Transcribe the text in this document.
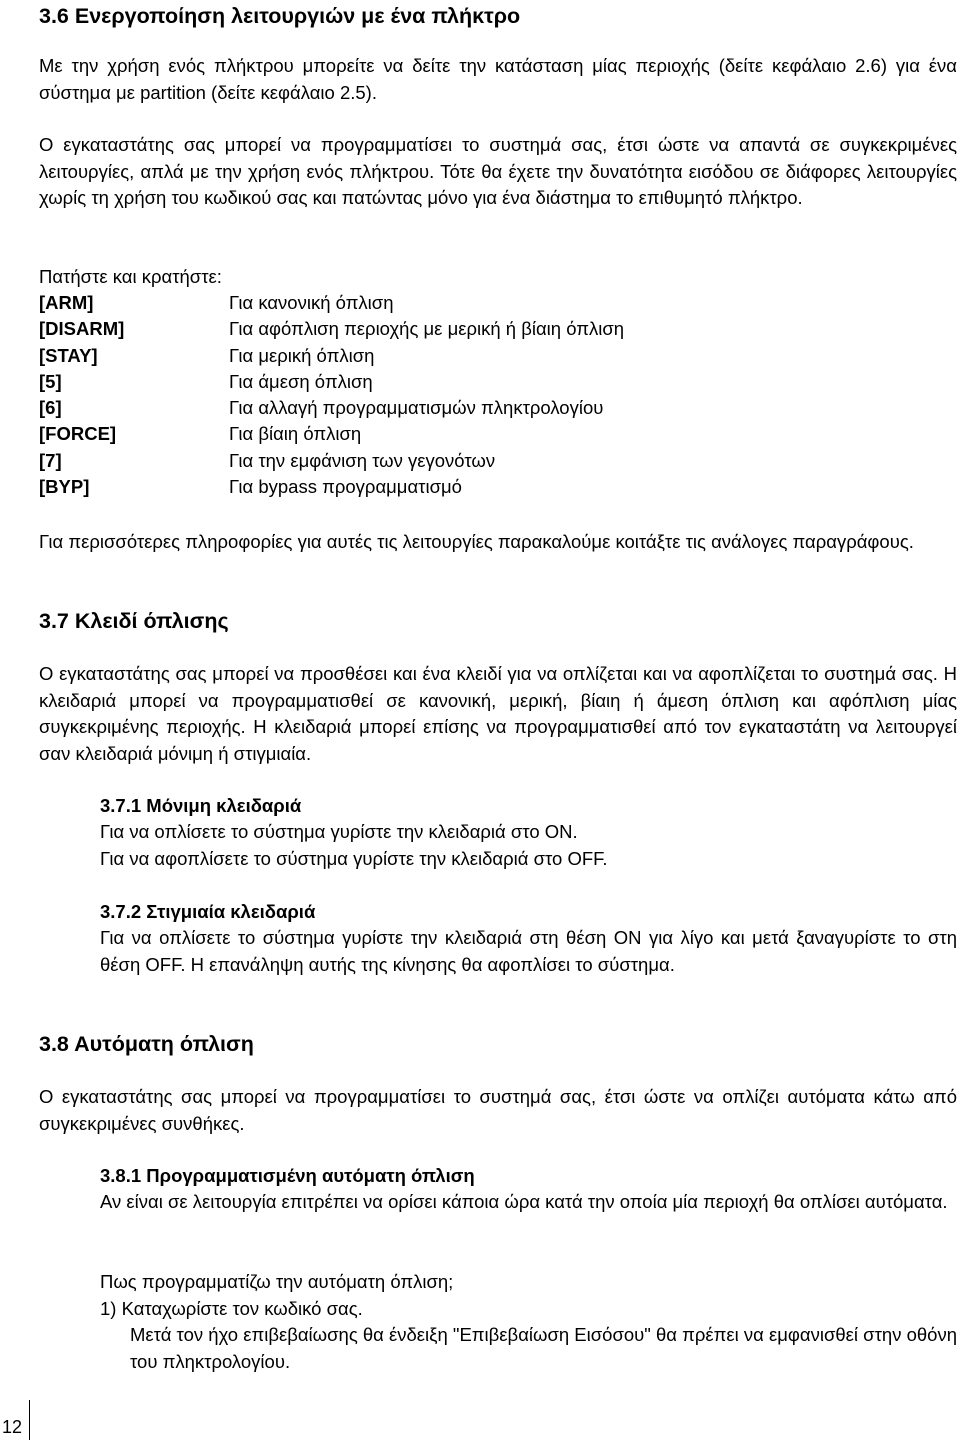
3.6 Ενεργοποίηση λειτουργιών με ένα πλήκτρο

Με την χρήση ενός πλήκτρου μπορείτε να δείτε την κατάσταση μίας περιοχής (δείτε κεφάλαιο 2.6) για ένα σύστημα με partition (δείτε κεφάλαιο 2.5).

Ο εγκαταστάτης σας μπορεί να προγραμματίσει το συστημά σας, έτσι ώστε να απαντά σε συγκεκριμένες λειτουργίες, απλά με την χρήση ενός πλήκτρου. Τότε θα έχετε την δυνατότητα εισόδου σε διάφορες λειτουργίες χωρίς τη χρήση του κωδικού σας και πατώντας μόνο για ένα διάστημα το επιθυμητό πλήκτρο.

Πατήστε και κρατήστε:

[ARM]	Για κανονική όπλιση
[DISARM]	Για αφόπλιση περιοχής με μερική ή βίαιη όπλιση
[STAY]	Για μερική όπλιση
[5]	Για άμεση όπλιση
[6]	Για αλλαγή προγραμματισμών πληκτρολογίου
[FORCE]	Για βίαιη όπλιση
[7]	Για την εμφάνιση των γεγονότων
[BYP]	Για bypass προγραμματισμό

Για περισσότερες πληροφορίες για αυτές τις λειτουργίες παρακαλούμε κοιτάξτε τις ανάλογες παραγράφους.

3.7 Κλειδί όπλισης

Ο εγκαταστάτης σας μπορεί να προσθέσει και ένα κλειδί για να οπλίζεται και να αφοπλίζεται το συστημά σας. Η κλειδαριά μπορεί να προγραμματισθεί σε κανονική, μερική, βίαιη ή άμεση όπλιση και αφόπλιση μίας συγκεκριμένης περιοχής. Η κλειδαριά μπορεί επίσης να προγραμματισθεί από τον εγκαταστάτη να λειτουργεί σαν κλειδαριά μόνιμη ή στιγμιαία.

3.7.1 Μόνιμη κλειδαριά

Για να οπλίσετε το σύστημα γυρίστε την κλειδαριά στο ON.

Για να αφοπλίσετε το σύστημα γυρίστε την κλειδαριά στο OFF.

3.7.2 Στιγμιαία κλειδαριά

Για να οπλίσετε το σύστημα γυρίστε την κλειδαριά στη θέση ON για λίγο και μετά ξαναγυρίστε το στη θέση OFF. Η επανάληψη αυτής της κίνησης θα αφοπλίσει το σύστημα.

3.8 Αυτόματη όπλιση

Ο εγκαταστάτης σας μπορεί να προγραμματίσει το συστημά σας, έτσι ώστε να οπλίζει αυτόματα κάτω από συγκεκριμένες συνθήκες.

3.8.1 Προγραμματισμένη αυτόματη όπλιση

Αν είναι σε λειτουργία επιτρέπει να ορίσει κάποια ώρα κατά την οποία μία περιοχή θα οπλίσει αυτόματα.

Πως προγραμματίζω την αυτόματη όπλιση;

1) Καταχωρίστε τον κωδικό σας.

Μετά τον ήχο επιβεβαίωσης θα ένδειξη "Επιβεβαίωση Εισόσου" θα πρέπει να εμφανισθεί στην οθόνη του πληκτρολογίου.

12
